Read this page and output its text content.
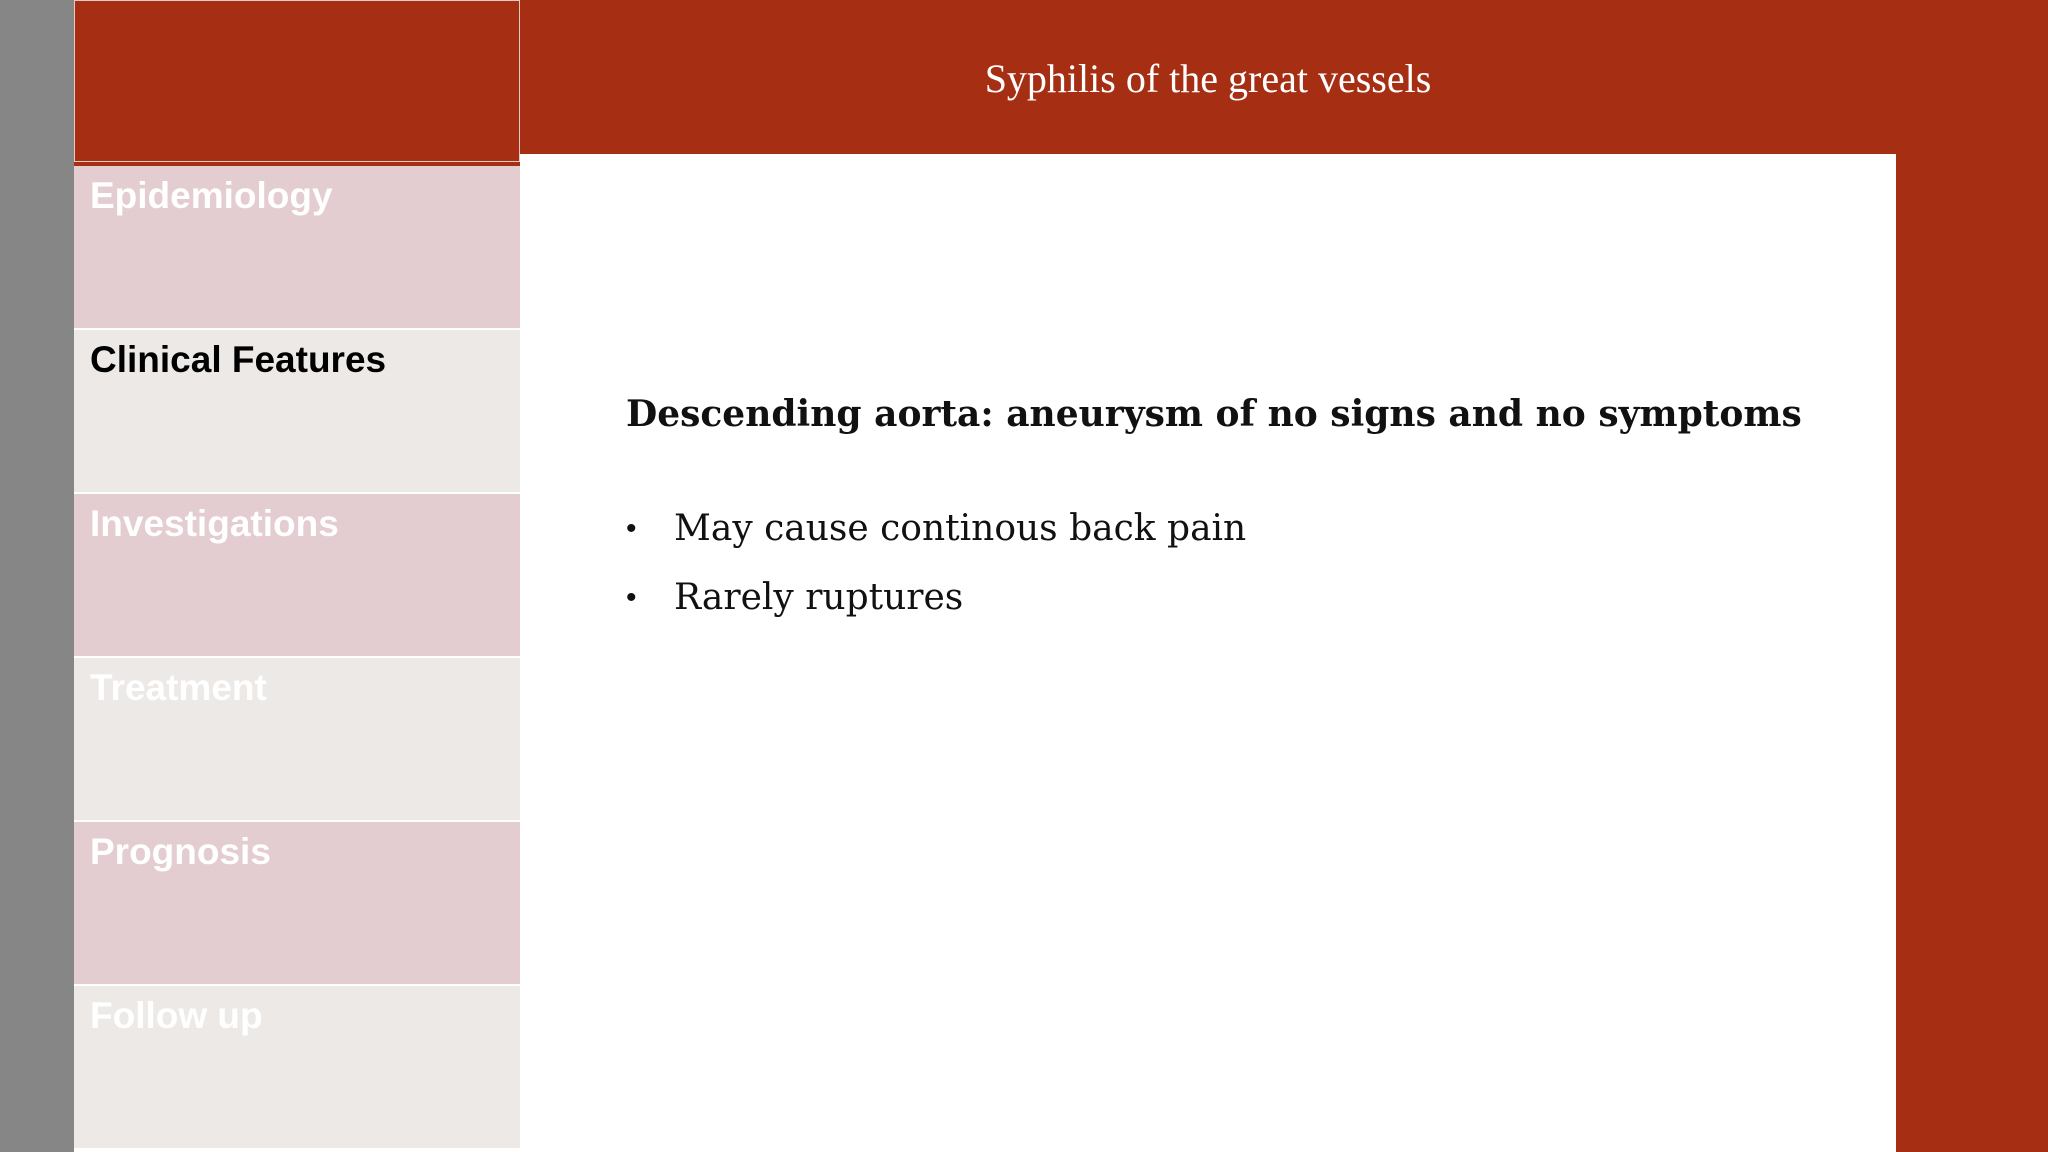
Epidemiology
Clinical Features
Investigations
Treatment
Prognosis
Follow up
Syphilis of the great vessels
Descending aorta: aneurysm of no signs and no symptoms
• May cause continous back pain
• Rarely ruptures
